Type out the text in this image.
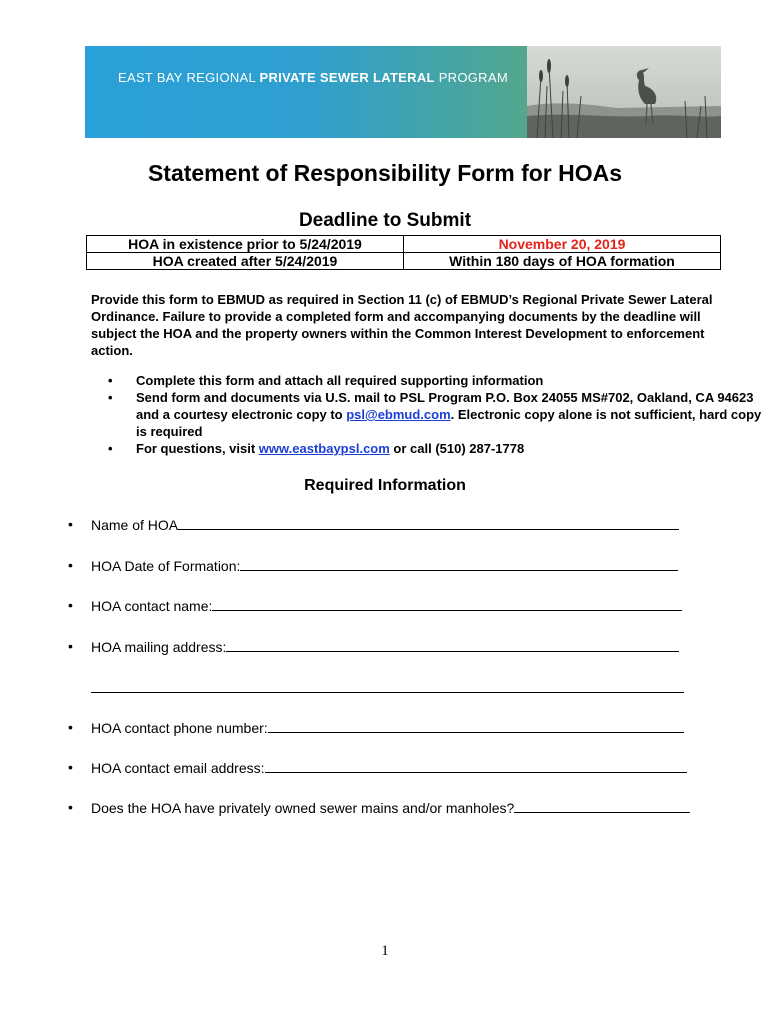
EAST BAY REGIONAL PRIVATE SEWER LATERAL PROGRAM
Statement of Responsibility Form for HOAs
Deadline to Submit
HOA in existence prior to 5/24/2019	November 20, 2019
HOA created after 5/24/2019	Within 180 days of HOA formation
Provide this form to EBMUD as required in Section 11 (c) of EBMUD’s Regional Private Sewer Lateral Ordinance. Failure to provide a completed form and accompanying documents by the deadline will subject the HOA and the property owners within the Common Interest Development to enforcement action.
• Complete this form and attach all required supporting information
• Send form and documents via U.S. mail to PSL Program P.O. Box 24055 MS#702, Oakland, CA 94623 and a courtesy electronic copy to psl@ebmud.com. Electronic copy alone is not sufficient, hard copy is required
• For questions, visit www.eastbaypsl.com or call (510) 287-1778
Required Information
• Name of HOA
• HOA Date of Formation:
• HOA contact name:
• HOA mailing address:
• HOA contact phone number:
• HOA contact email address:
• Does the HOA have privately owned sewer mains and/or manholes?
1
